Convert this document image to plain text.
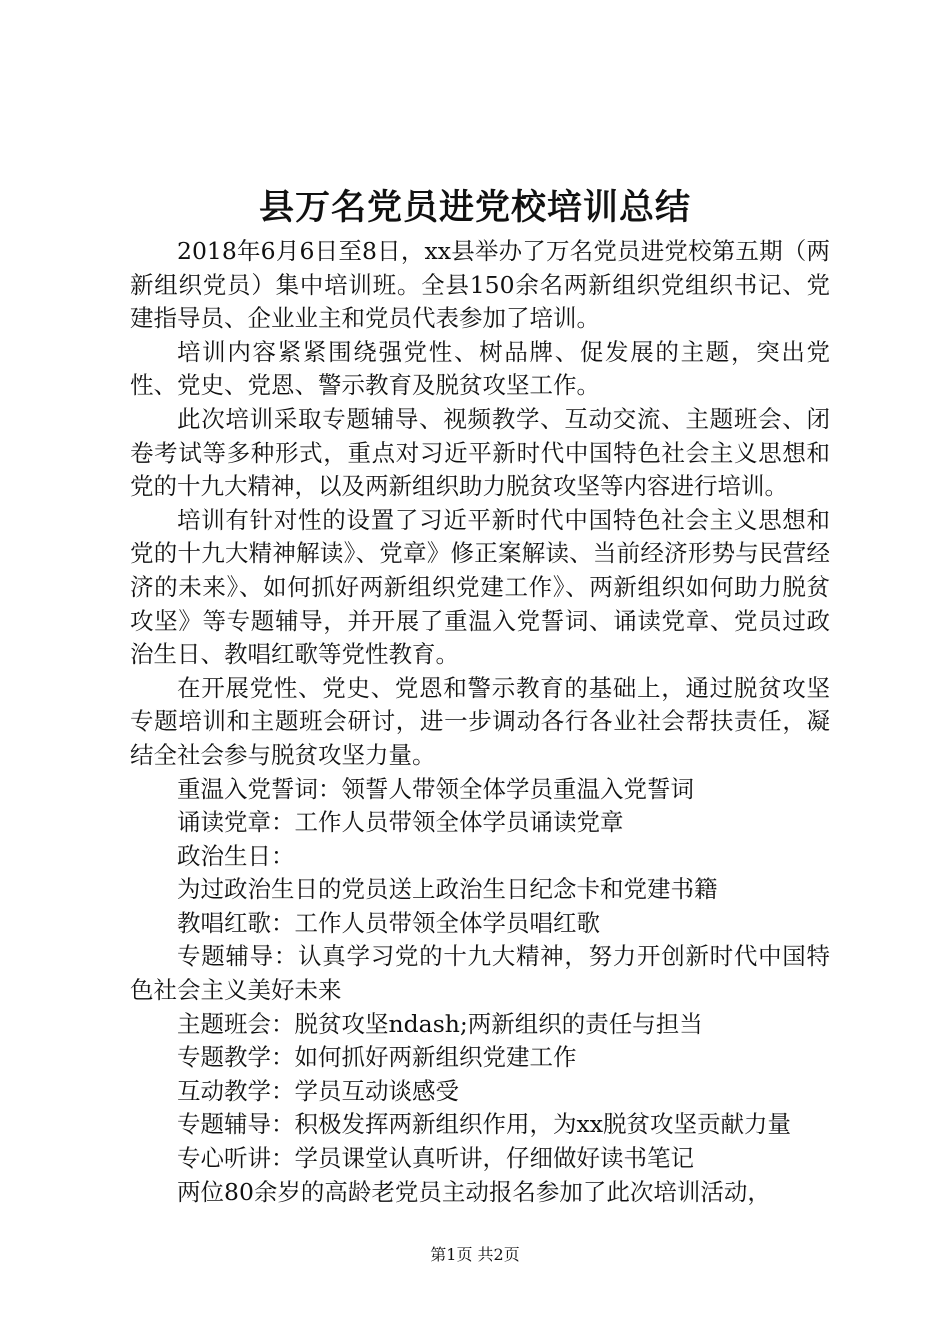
县万名党员进党校培训总结

2018年6月6日至8日，xx县举办了万名党员进党校第五期（两新组织党员）集中培训班。全县150余名两新组织党组织书记、党建指导员、企业业主和党员代表参加了培训。

培训内容紧紧围绕强党性、树品牌、促发展的主题，突出党性、党史、党恩、警示教育及脱贫攻坚工作。

此次培训采取专题辅导、视频教学、互动交流、主题班会、闭卷考试等多种形式，重点对习近平新时代中国特色社会主义思想和党的十九大精神，以及两新组织助力脱贫攻坚等内容进行培训。

培训有针对性的设置了习近平新时代中国特色社会主义思想和党的十九大精神解读》、党章》修正案解读、当前经济形势与民营经济的未来》、如何抓好两新组织党建工作》、两新组织如何助力脱贫攻坚》等专题辅导，并开展了重温入党誓词、诵读党章、党员过政治生日、教唱红歌等党性教育。

在开展党性、党史、党恩和警示教育的基础上，通过脱贫攻坚专题培训和主题班会研讨，进一步调动各行各业社会帮扶责任，凝结全社会参与脱贫攻坚力量。

重温入党誓词：领誓人带领全体学员重温入党誓词

诵读党章：工作人员带领全体学员诵读党章

政治生日：

为过政治生日的党员送上政治生日纪念卡和党建书籍

教唱红歌：工作人员带领全体学员唱红歌

专题辅导：认真学习党的十九大精神，努力开创新时代中国特色社会主义美好未来

主题班会：脱贫攻坚ndash;两新组织的责任与担当

专题教学：如何抓好两新组织党建工作

互动教学：学员互动谈感受

专题辅导：积极发挥两新组织作用，为xx脱贫攻坚贡献力量

专心听讲：学员课堂认真听讲，仔细做好读书笔记

两位80余岁的高龄老党员主动报名参加了此次培训活动，

第1页 共2页
